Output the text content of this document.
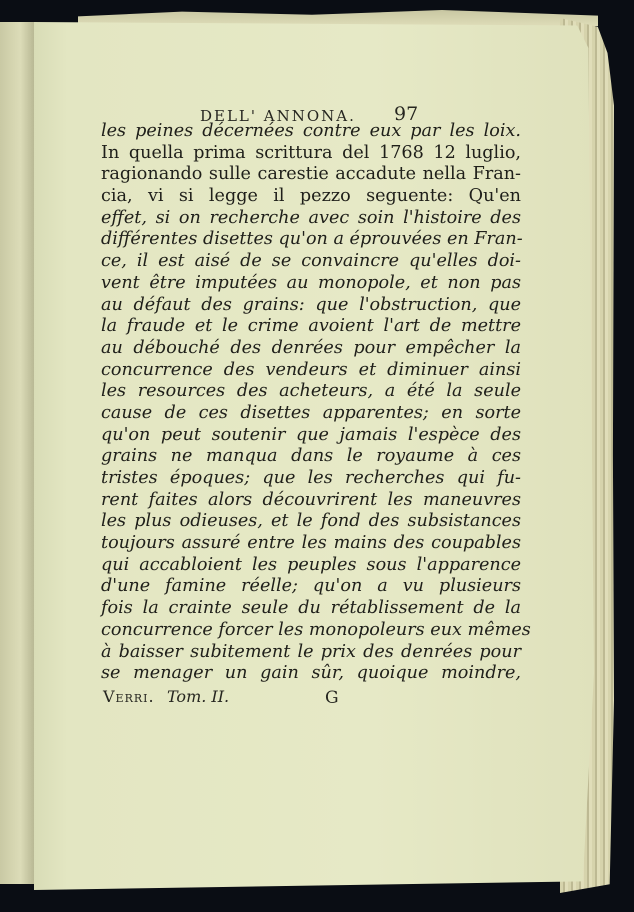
DELL' ANNONA. 97
les peines décernées contre eux par les loix.
In quella prima scrittura del 1768 12 luglio,
ragionando sulle carestie accadute nella Fran-
cia, vi si legge il pezzo seguente: Qu'en
effet, si on recherche avec soin l'histoire des
différentes disettes qu'on a éprouvées en Fran-
ce, il est aisé de se convaincre qu'elles doi-
vent être imputées au monopole, et non pas
au défaut des grains: que l'obstruction, que
la fraude et le crime avoient l'art de mettre
au débouché des denrées pour empêcher la
concurrence des vendeurs et diminuer ainsi
les resources des acheteurs, a été la seule
cause de ces disettes apparentes; en sorte
qu'on peut soutenir que jamais l'espèce des
grains ne manqua dans le royaume à ces
tristes époques; que les recherches qui fu-
rent faites alors découvrirent les maneuvres
les plus odieuses, et le fond des subsistances
toujours assuré entre les mains des coupables
qui accabloient les peuples sous l'apparence
d'une famine réelle; qu'on a vu plusieurs
fois la crainte seule du rétablissement de la
concurrence forcer les monopoleurs eux mêmes
à baisser subitement le prix des denrées pour
se menager un gain sûr, quoique moindre,
Verri. Tom. II.	G
